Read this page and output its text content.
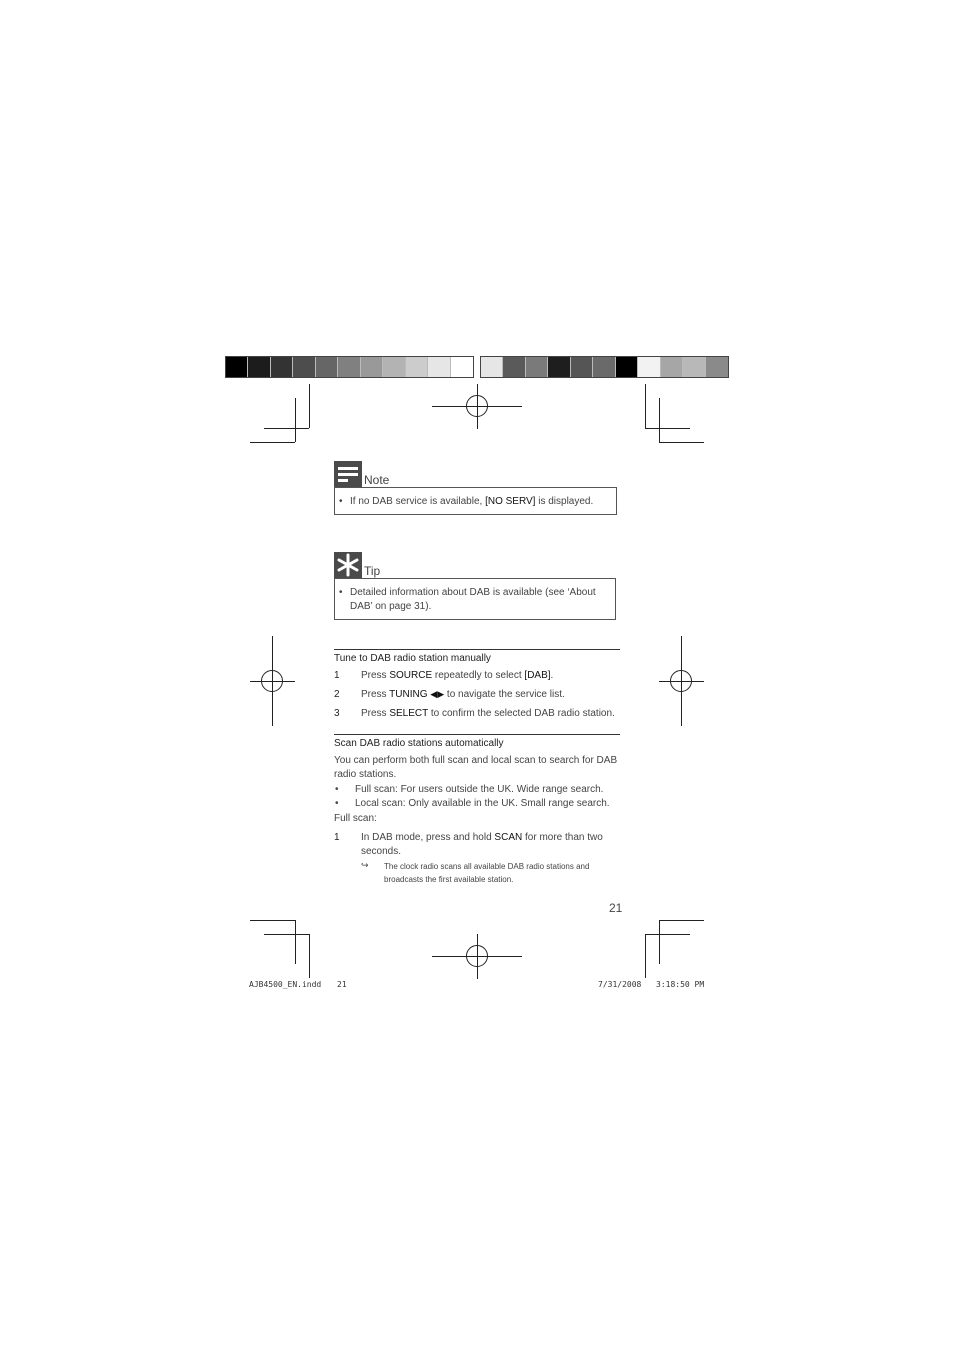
Note
• If no DAB service is available, [NO SERV] is displayed.
Tip
• Detailed information about DAB is available (see ‘About
DAB’ on page 31).
Tune to DAB radio station manually
1 Press SOURCE repeatedly to select [DAB].
2 Press TUNING ◀▶ to navigate the service list.
3 Press SELECT to confirm the selected DAB radio station.
Scan DAB radio stations automatically
You can perform both full scan and local scan to search for DAB
radio stations.
• Full scan: For users outside the UK. Wide range search.
• Local scan: Only available in the UK. Small range search.
Full scan:
1 In DAB mode, press and hold SCAN for more than two
seconds.
↪ The clock radio scans all available DAB radio stations and
broadcasts the first available station.
21
AJB4500_EN.indd 21	7/31/2008 3:18:50 PM
